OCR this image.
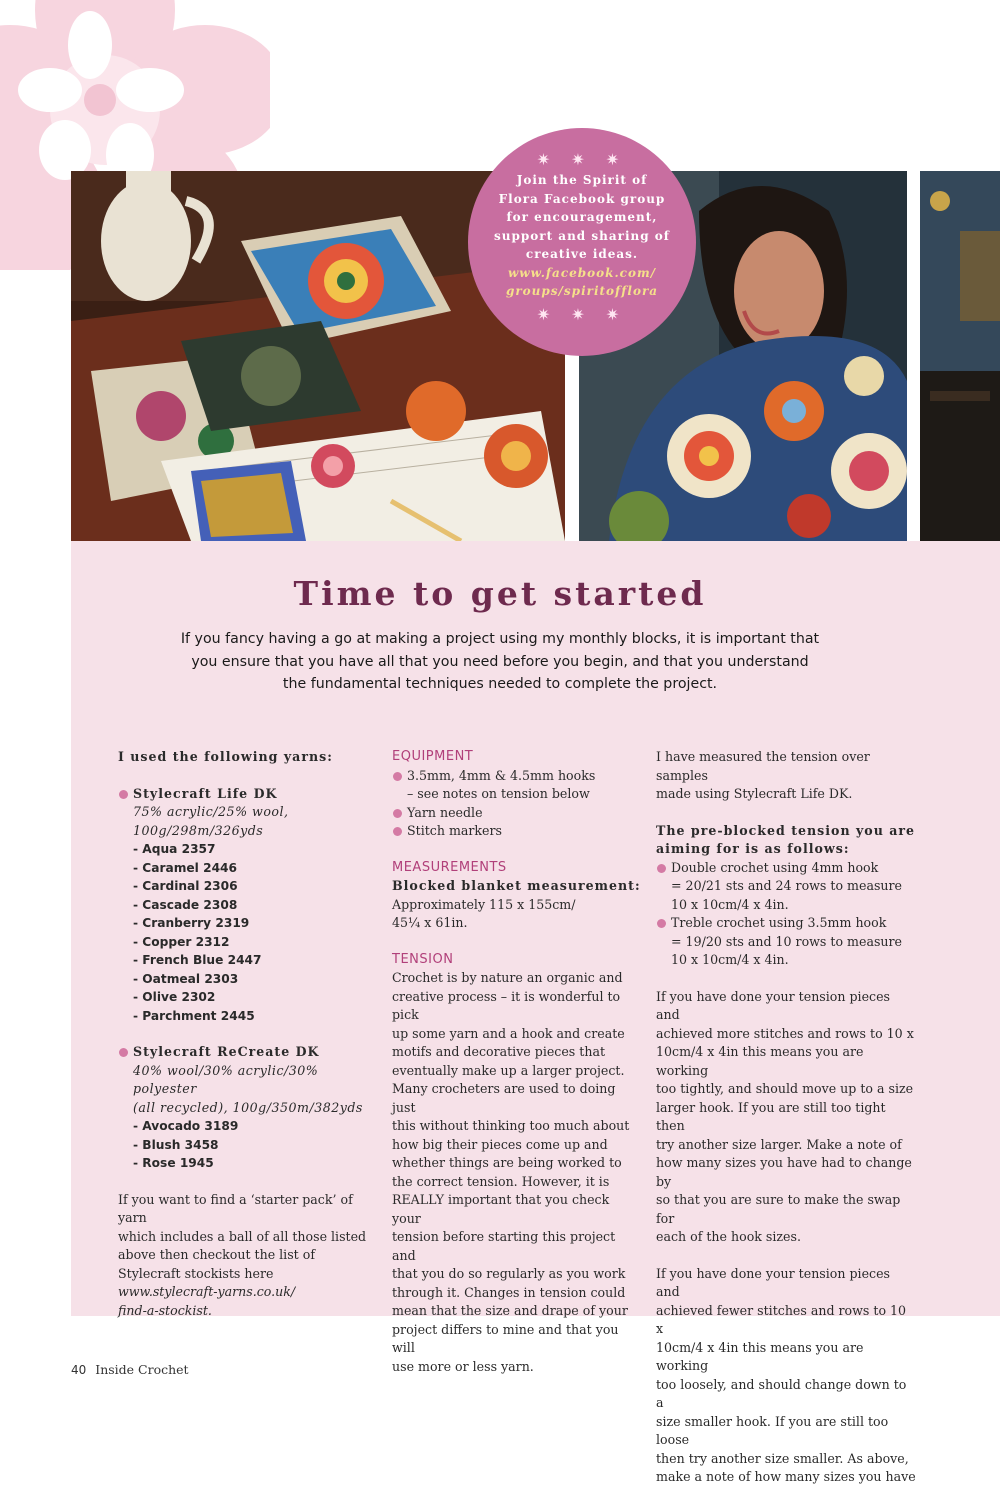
✷ ✷ ✷
Join the Spirit of
Flora Facebook group
for encouragement,
support and sharing of
creative ideas.
www.facebook.com/
groups/spiritofflora
✷ ✷ ✷
Time to get started
If you fancy having a go at making a project using my monthly blocks, it is important that you ensure that you have all that you need before you begin, and that you understand the fundamental techniques needed to complete the project.
I used the following yarns:
Stylecraft Life DK
75% acrylic/25% wool,
100g/298m/326yds
- Aqua 2357
- Caramel 2446
- Cardinal 2306
- Cascade 2308
- Cranberry 2319
- Copper 2312
- French Blue 2447
- Oatmeal 2303
- Olive 2302
- Parchment 2445
Stylecraft ReCreate DK
40% wool/30% acrylic/30% polyester
(all recycled), 100g/350m/382yds
- Avocado 3189
- Blush 3458
- Rose 1945
If you want to find a ‘starter pack’ of yarn
which includes a ball of all those listed
above then checkout the list of
Stylecraft stockists here
www.stylecraft-yarns.co.uk/
find-a-stockist.
EQUIPMENT
3.5mm, 4mm & 4.5mm hooks
– see notes on tension below
Yarn needle
Stitch markers
MEASUREMENTS
Blocked blanket measurement:
Approximately 115 x 155cm/
45¼ x 61in.
TENSION
Crochet is by nature an organic and
creative process – it is wonderful to pick
up some yarn and a hook and create
motifs and decorative pieces that
eventually make up a larger project.
Many crocheters are used to doing just
this without thinking too much about
how big their pieces come up and
whether things are being worked to
the correct tension. However, it is
REALLY important that you check your
tension before starting this project and
that you do so regularly as you work
through it. Changes in tension could
mean that the size and drape of your
project differs to mine and that you will
use more or less yarn.
I have measured the tension over samples
made using Stylecraft Life DK.
The pre-blocked tension you are
aiming for is as follows:
Double crochet using 4mm hook
= 20/21 sts and 24 rows to measure
10 x 10cm/4 x 4in.
Treble crochet using 3.5mm hook
= 19/20 sts and 10 rows to measure
10 x 10cm/4 x 4in.
If you have done your tension pieces and
achieved more stitches and rows to 10 x
10cm/4 x 4in this means you are working
too tightly, and should move up to a size
larger hook. If you are still too tight then
try another size larger. Make a note of
how many sizes you have had to change by
so that you are sure to make the swap for
each of the hook sizes.
If you have done your tension pieces and
achieved fewer stitches and rows to 10 x
10cm/4 x 4in this means you are working
too loosely, and should change down to a
size smaller hook. If you are still too loose
then try another size smaller. As above,
make a note of how many sizes you have
40 Inside Crochet
